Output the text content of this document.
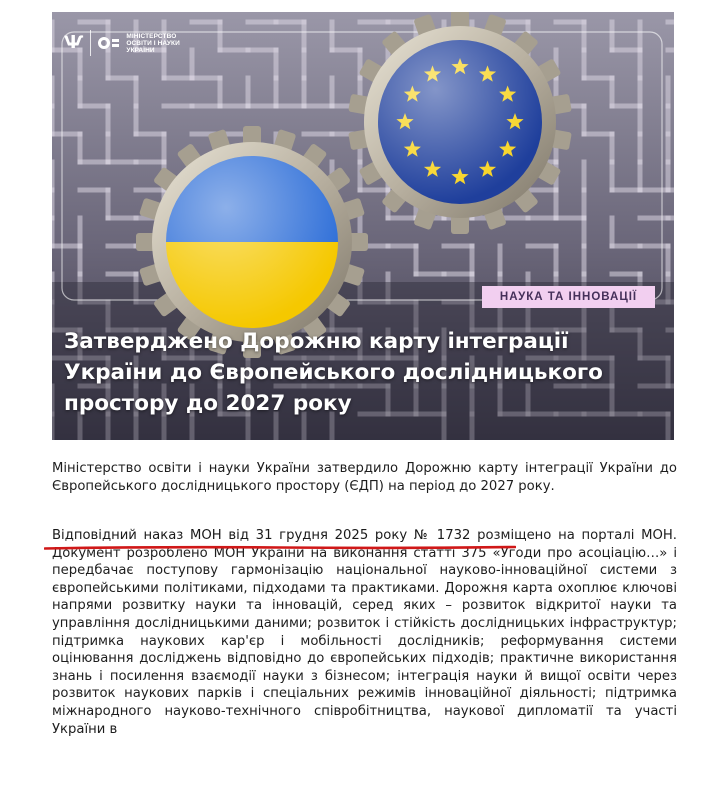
Ѱ	МІНІСТЕРСТВО
ОСВІТИ І НАУКИ
УКРАЇНИ
НАУКА ТА ІННОВАЦІЇ
Затверджено Дорожню карту інтеграції України до Європейського дослідницького простору до 2027 року

Міністерство освіти і науки України затвердило Дорожню карту інтеграції України до Європейського дослідницького простору (ЄДП) на період до 2027 року.

Відповідний наказ МОН від 31 грудня 2025 року № 1732 розміщено на порталі МОН. Документ розроблено МОН України на виконання статті 375 «Угоди про асоціацію…» і передбачає поступову гармонізацію національної науково-інноваційної системи з європейськими політиками, підходами та практиками. Дорожня карта охоплює ключові напрями розвитку науки та інновацій, серед яких – розвиток відкритої науки та управління дослідницькими даними; розвиток і стійкість дослідницьких інфраструктур; підтримка наукових кар'єр і мобільності дослідників; реформування системи оцінювання досліджень відповідно до європейських підходів; практичне використання знань і посилення взаємодії науки з бізнесом; інтеграція науки й вищої освіти через розвиток наукових парків і спеціальних режимів інноваційної діяльності; підтримка міжнародного науково-технічного співробітництва, наукової дипломатії та участі України в
